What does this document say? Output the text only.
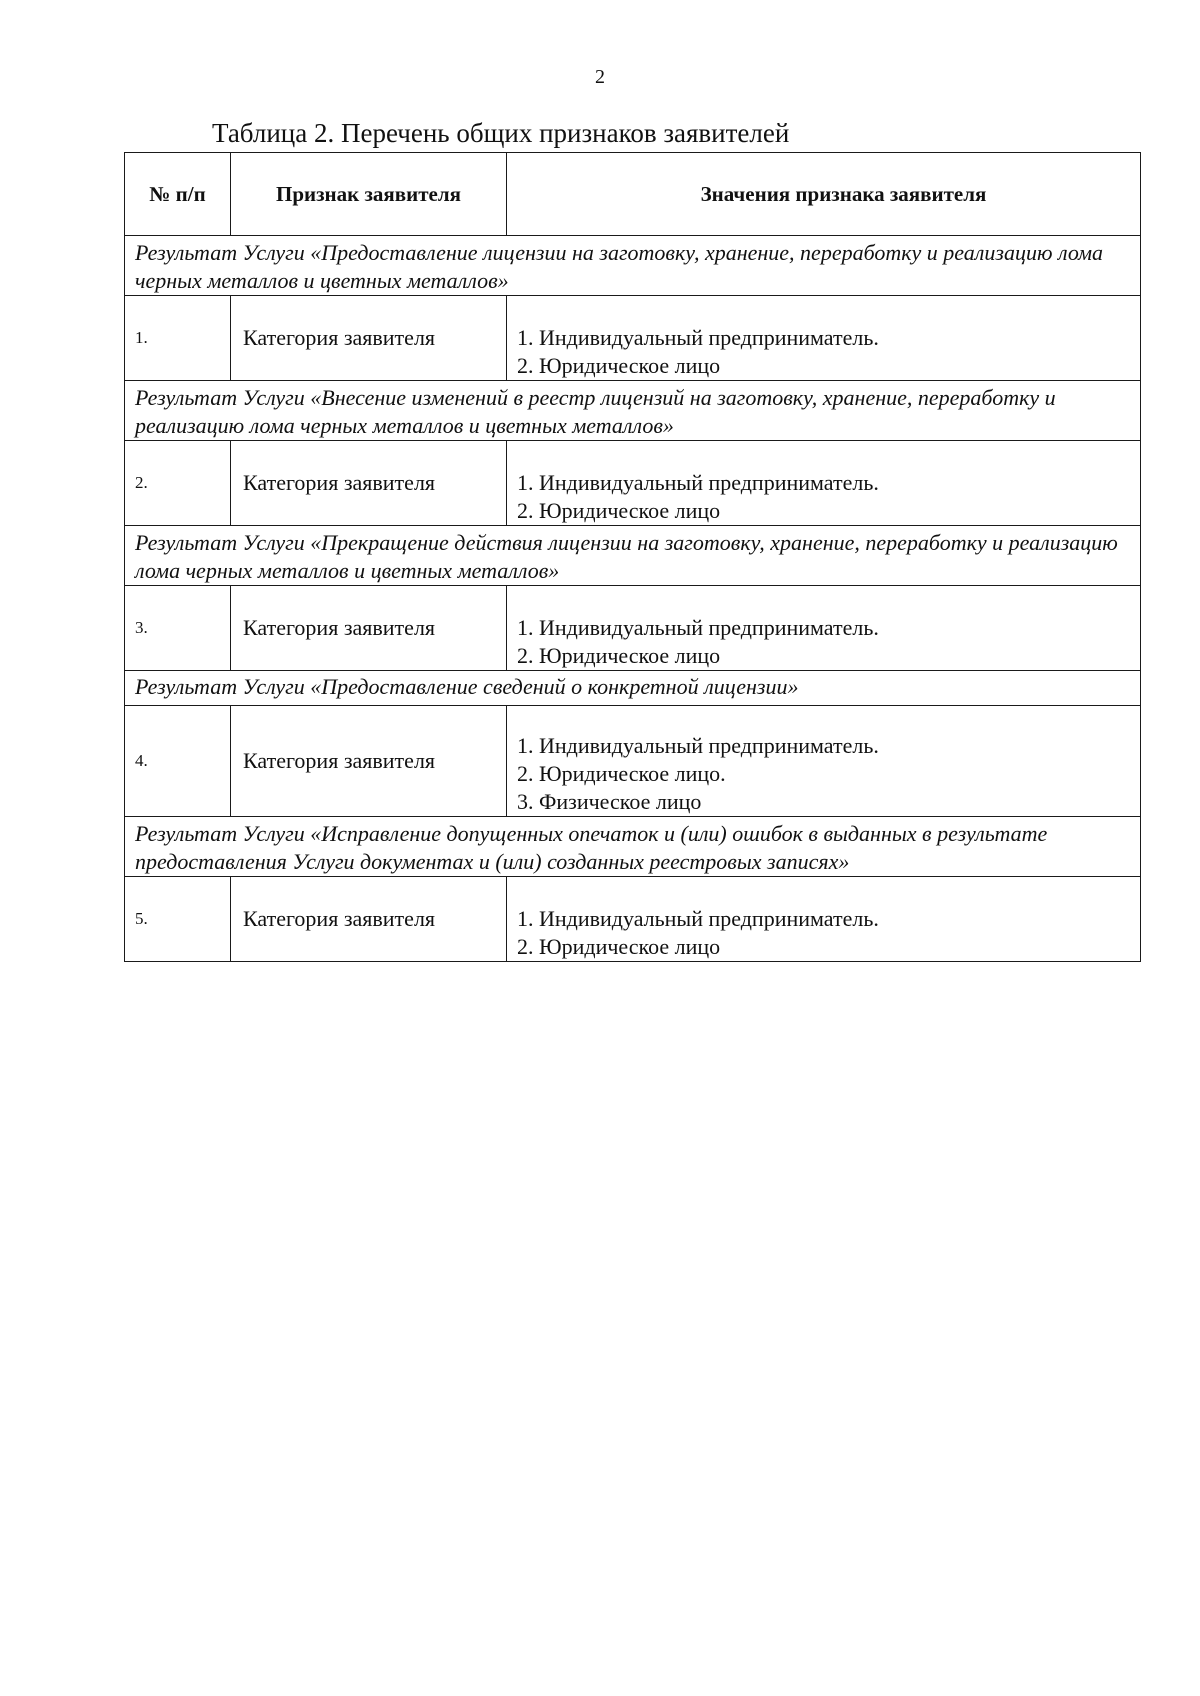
2
Таблица 2. Перечень общих признаков заявителей
№ п/п	Признак заявителя	Значения признака заявителя
Результат Услуги «Предоставление лицензии на заготовку, хранение, переработку и реализацию лома черных металлов и цветных металлов»		
1.	Категория заявителя	1. Индивидуальный предприниматель.
2. Юридическое лицо

Результат Услуги «Внесение изменений в реестр лицензий на заготовку, хранение, переработку и реализацию лома черных металлов и цветных металлов»		
2.	Категория заявителя	1. Индивидуальный предприниматель.
2. Юридическое лицо

Результат Услуги «Прекращение действия лицензии на заготовку, хранение, переработку и реализацию лома черных металлов и цветных металлов»		
3.	Категория заявителя	1. Индивидуальный предприниматель.
2. Юридическое лицо

Результат Услуги «Предоставление сведений о конкретной лицензии»		
4.	Категория заявителя	1. Индивидуальный предприниматель.
2. Юридическое лицо.
3. Физическое лицо

Результат Услуги «Исправление допущенных опечаток и (или) ошибок в выданных в результате предоставления Услуги документах и (или) созданных реестровых записях»		
5.	Категория заявителя	1. Индивидуальный предприниматель.
2. Юридическое лицо
